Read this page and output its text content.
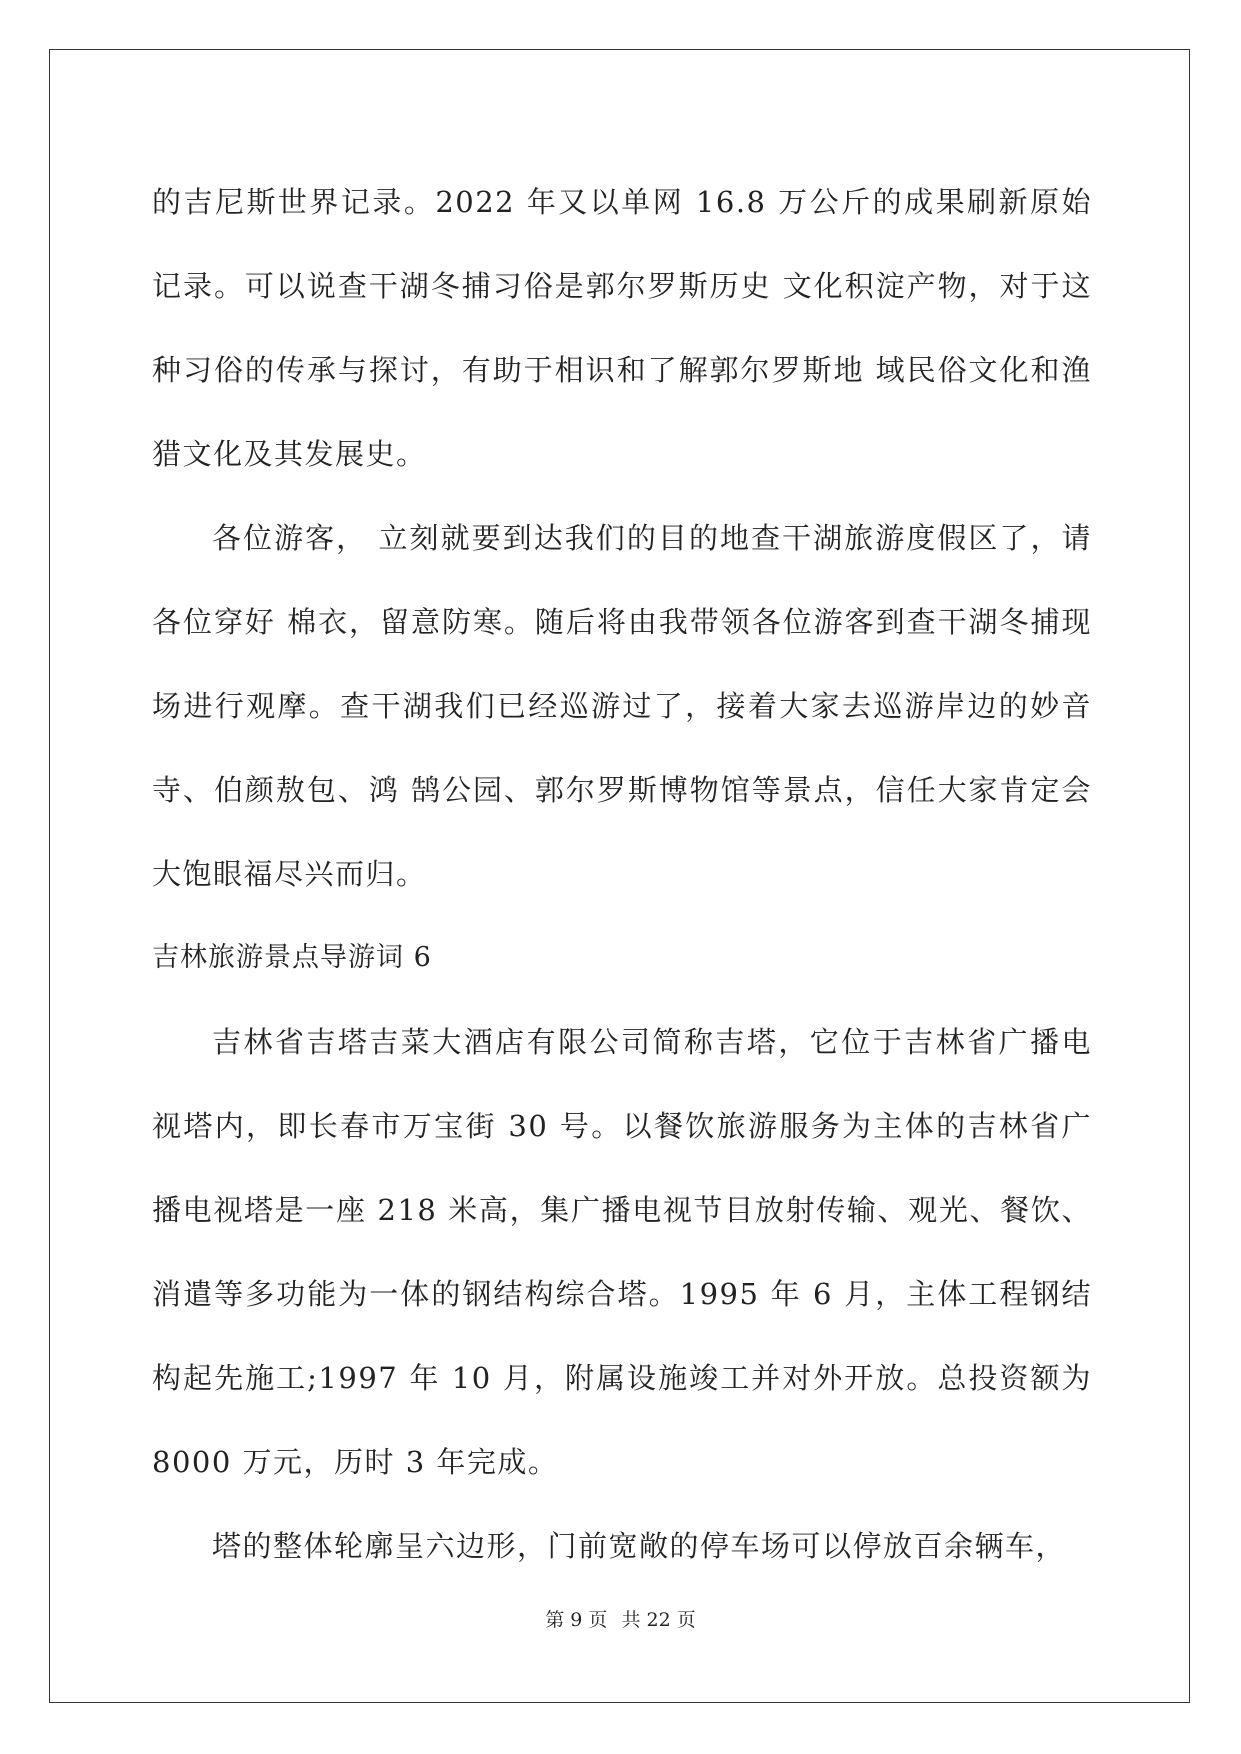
的吉尼斯世界记录。2022 年又以单网 16.8 万公斤的成果刷新原始记录。可以说查干湖冬捕习俗是郭尔罗斯历史 文化积淀产物，对于这种习俗的传承与探讨，有助于相识和了解郭尔罗斯地 域民俗文化和渔猎文化及其发展史。

各位游客， 立刻就要到达我们的目的地查干湖旅游度假区了，请各位穿好 棉衣，留意防寒。随后将由我带领各位游客到查干湖冬捕现场进行观摩。查干湖我们已经巡游过了，接着大家去巡游岸边的妙音寺、伯颜敖包、鸿 鹄公园、郭尔罗斯博物馆等景点，信任大家肯定会大饱眼福尽兴而归。

吉林旅游景点导游词 6

吉林省吉塔吉菜大酒店有限公司简称吉塔，它位于吉林省广播电视塔内，即长春市万宝街 30 号。以餐饮旅游服务为主体的吉林省广播电视塔是一座 218 米高，集广播电视节目放射传输、观光、餐饮、消遣等多功能为一体的钢结构综合塔。1995 年 6 月，主体工程钢结构起先施工;1997 年 10 月，附属设施竣工并对外开放。总投资额为 8000 万元，历时 3 年完成。

塔的整体轮廓呈六边形，门前宽敞的停车场可以停放百余辆车，

第 9 页 共 22 页
